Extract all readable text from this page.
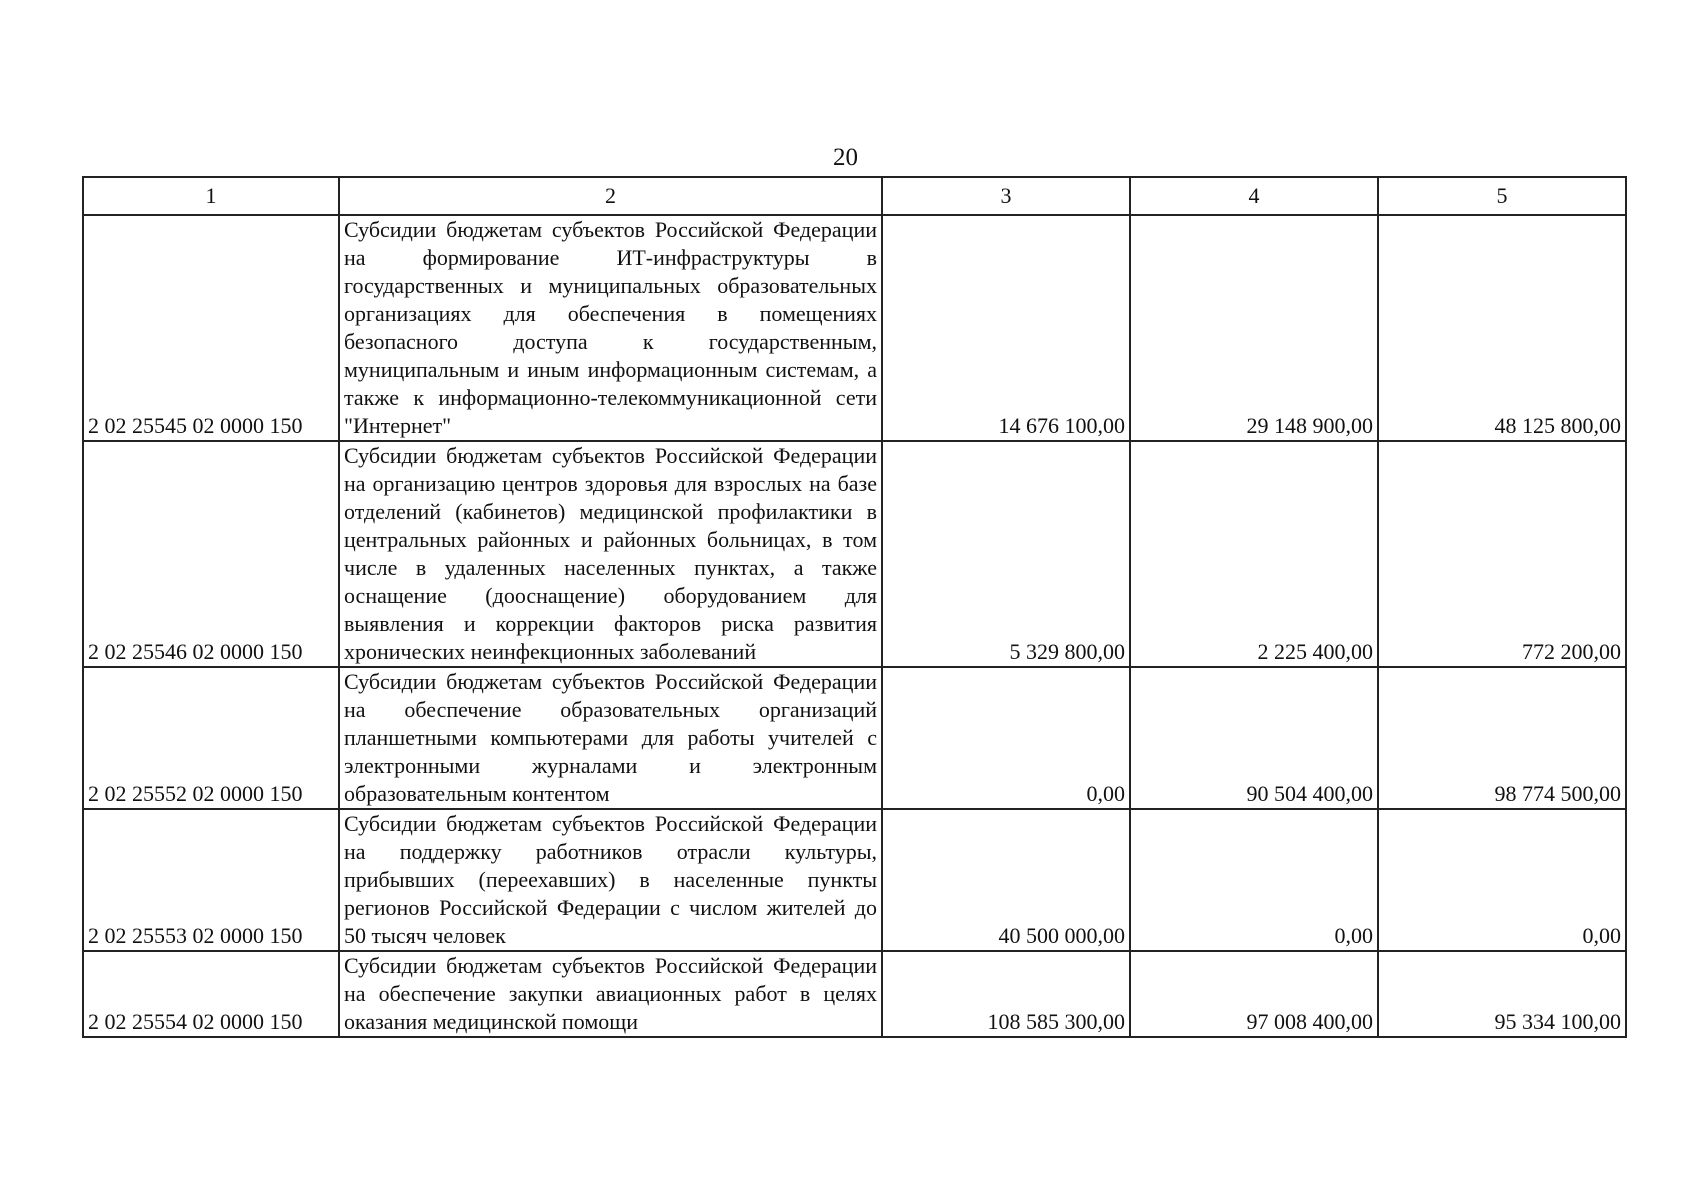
20
1	2	3	4	5
2 02 25545 02 0000 150	Субсидии бюджетам субъектов Российской Федерации на формирование ИТ-инфраструктуры в государственных и муниципальных образовательных организациях для обеспечения в помещениях безопасного доступа к государственным, муниципальным и иным информационным системам, а также к информационно-телекоммуникационной сети "Интернет"	14 676 100,00	29 148 900,00	48 125 800,00
2 02 25546 02 0000 150	Субсидии бюджетам субъектов Российской Федерации на организацию центров здоровья для взрослых на базе отделений (кабинетов) медицинской профилактики в центральных районных и районных больницах, в том числе в удаленных населенных пунктах, а также оснащение (дооснащение) оборудованием для выявления и коррекции факторов риска развития хронических неинфекционных заболеваний	5 329 800,00	2 225 400,00	772 200,00
2 02 25552 02 0000 150	Субсидии бюджетам субъектов Российской Федерации на обеспечение образовательных организаций планшетными компьютерами для работы учителей с электронными журналами и электронным образовательным контентом	0,00	90 504 400,00	98 774 500,00
2 02 25553 02 0000 150	Субсидии бюджетам субъектов Российской Федерации на поддержку работников отрасли культуры, прибывших (переехавших) в населенные пункты регионов Российской Федерации с числом жителей до 50 тысяч человек	40 500 000,00	0,00	0,00
2 02 25554 02 0000 150	Субсидии бюджетам субъектов Российской Федерации на обеспечение закупки авиационных работ в целях оказания медицинской помощи	108 585 300,00	97 008 400,00	95 334 100,00
